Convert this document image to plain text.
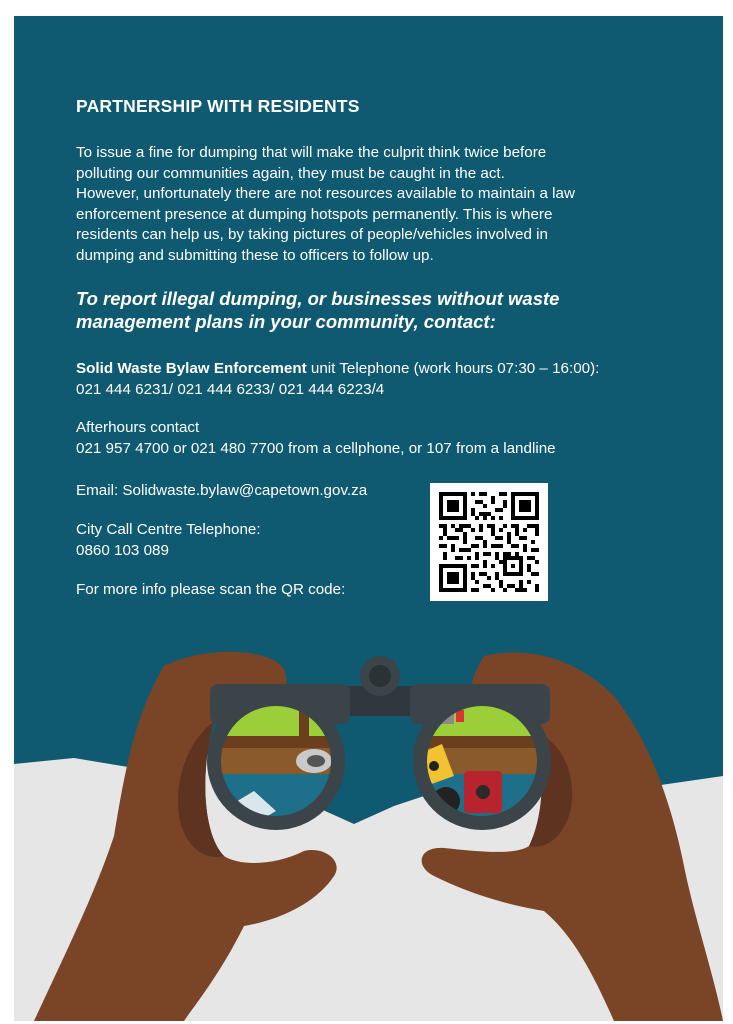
PARTNERSHIP WITH RESIDENTS
To issue a fine for dumping that will make the culprit think twice before
polluting our communities again, they must be caught in the act.
However, unfortunately there are not resources available to maintain a law
enforcement presence at dumping hotspots permanently. This is where
residents can help us, by taking pictures of people/vehicles involved in
dumping and submitting these to officers to follow up.
To report illegal dumping, or businesses without waste
management plans in your community, contact:
Solid Waste Bylaw Enforcement unit Telephone (work hours 07:30 – 16:00):
021 444 6231/ 021 444 6233/ 021 444 6223/4
Afterhours contact
021 957 4700 or 021 480 7700 from a cellphone, or 107 from a landline
Email: Solidwaste.bylaw@capetown.gov.za
City Call Centre Telephone:
0860 103 089
For more info please scan the QR code:
